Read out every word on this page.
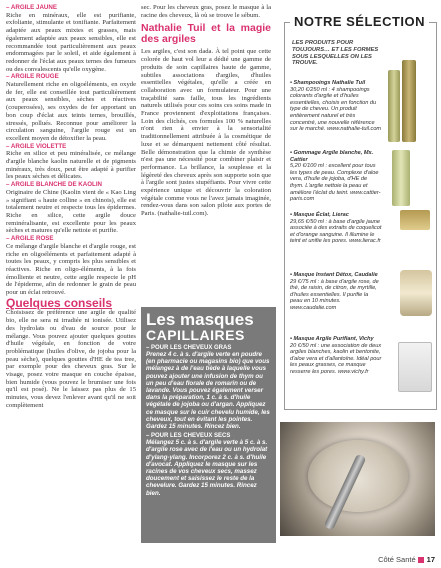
– ARGILE JAUNE
Riche en minéraux, elle est purifiante, exfoliante, stimulante et tonifiante. Parfaitement adaptée aux peaux mixtes et grasses, mais également adaptée aux peaux sensibles, elle est recommandée tout particulièrement aux peaux endommagées par le soleil, et aide également à redonner de l'éclat aux peaux ternes des fumeurs ou des convalescents qu'elle oxygène.
– ARGILE ROUGE
Naturellement riche en oligoéléments, en oxyde de fer, elle est conseillée tout particulièrement aux peaux sensibles, sèches et réactives (couperosées), ses oxydes de fer apportant un bon coup d'éclat aux teints ternes, brouillés, stressés, pollués. Reconnue pour améliorer la circulation sanguine, l'argile rouge est un excellent moyen de détoxifier la peau.
– ARGILE VIOLETTE
Riche en silice et peu minéralisée, ce mélange d'argile blanche kaolin naturelle et de pigments minéraux, très doux, peut être adapté à purifier les peaux sèches et délicates.
– ARGILE BLANCHE DE KAOLIN
Originaire de Chine (Kaolin vient de « Kao Ling » signifiant « haute colline » en chinois), elle est totalement neutre et respecte tous les épidermes. Riche en silice, cette argile douce reminéralisante, est excellente pour les peaux sèches et matures qu'elle nettoie et purifie.
– ARGILE ROSE
Ce mélange d'argile blanche et d'argile rouge, est riche en oligoéléments et parfaitement adapté à toutes les peaux, y compris les plus sensibles et réactives. Riche en oligo-éléments, à la fois émolliente et neutre, cette argile respecte le pH de l'épiderme, afin de redonner le grain de peau pour un éclat retrouvé.
Quelques conseils
Choisissez de préférence une argile de qualité bio, elle ne sera ni irradiée ni ionisée. Utilisez des hydrolats ou d'eau de source pour le mélange. Vous pouvez ajouter quelques gouttes d'huile végétale, en fonction de votre problématique (huiles d'olive, de jojoba pour la peau sèche), quelques gouttes d'HE de tea tree, par exemple pour des cheveux gras. Sur le visage, posez votre masque en couche épaisse, bien humide (vous pouvez le brumiser une fois qu'il est posé). Ne le laissez pas plus de 15 minutes, vous devez l'enlever avant qu'il ne soit complètement
sec. Pour les cheveux gras, posez le masque à la racine des cheveux, là où se trouve le sébum.
Nathalie Tuil et la magie des argiles
Les argiles, c'est son dada. À tel point que cette colorée de haut vol leur a dédié une gamme de produits de soin capillaires haute de gamme, subtiles associations d'argiles, d'huiles essentielles végétales, qu'elle a créée en collaboration avec un formulateur. Pour une traçabilité sans faille, tous les ingrédients naturels utilisés pour ces soins ces soins made in France proviennent d'exploitations françaises. Loin des clichés, ces formules 100 % naturelles n'ont rien à envier à la sensorialité traditionnellement attribuée à la cosmétique de luxe et se démarquent nettement côté résultat. Belle démonstration que la chimie de synthèse n'est pas une nécessité pour combiner plaisir et performance. La brillance, la souplesse et la légèreté des cheveux après son supporte soin que à l'argile sont justes stupéfiants. Pour vivre cette expérience unique et découvrir la coloration végétale comme vous ne l'avez jamais imaginée, rendez-vous dans son salon pilote aux portes de Paris. (nathalie-tuil.com).
Les masques
CAPILLAIRES
– POUR LES CHEVEUX GRAS

Prenez 4 c. à s. d'argile verte en poudre (en pharmacie ou magasins bio) que vous mélangez à de l'eau tiède à laquelle vous pouvez ajouter une infusion de thym ou un peu d'eau florale de romarin ou de lavande. Vous pouvez également verser dans la préparation, 1 c. à s. d'huile végétale de jojoba ou d'argan. Appliquez ce masque sur le cuir chevelu humide, les cheveux, tout en évitant les pointes. Gardez 15 minutes. Rincez bien.

– POUR LES CHEVEUX SECS

Mélangez 5 c. à s. d'argile verte à 5 c. à s. d'argile rose avec de l'eau ou un hydrolat d'ylang-ylang. Incorporez 2 c. à s. d'huile d'avocat. Appliquez le masque sur les racines de vos cheveux secs, massez doucement et saisissez le reste de la chevelure. Gardez 15 minutes. Rincez bien.

NOTRE SÉLECTION
LES PRODUITS POUR TOUJOURS… ET LES FORMES SOUS LESQUELLES ON LES TROUVE.
• Shampooings Nathalie Tuil
30,20 €/250 ml : 4 shampooings colorants d'argile et d'huiles essentielles, choisis en fonction du type de cheveu. Un produit entièrement naturel et très concentré, une nouvelle référence sur le marché. www.nathalie-tuil.com
• Gommage Argile blanche, Mx. Cattier
5,20 €/100 ml : excellent pour tous les types de peau. Complexe d'aloe vera, d'huile de jojoba, d'HE de thym. L'argile nettoie la peau et améliore l'éclat du teint. www.cattier-paris.com
• Masque Éclat, Lierac
29,65 €/50 ml : à base d'argile jaune associée à des extraits de coquelicot et d'orange sanguine. Il illumine le teint et unifie les pores. www.lierac.fr
• Masque Instant Détox, Caudalie
29 €/75 ml : à base d'argile rose, de thé, de raisin, de citron, de myrtille, d'huiles essentielles. Il purifie la peau en 10 minutes. www.caudalie.com
• Masque Argile Purifiant, Vichy
20 €/50 ml : une association de deux argiles blanches, kaolin et bentonite, d'aloe vera et d'allantoïne. Idéal pour les peaux grasses, ce masque resserre les pores. www.vichy.fr
Côté Santé 17
